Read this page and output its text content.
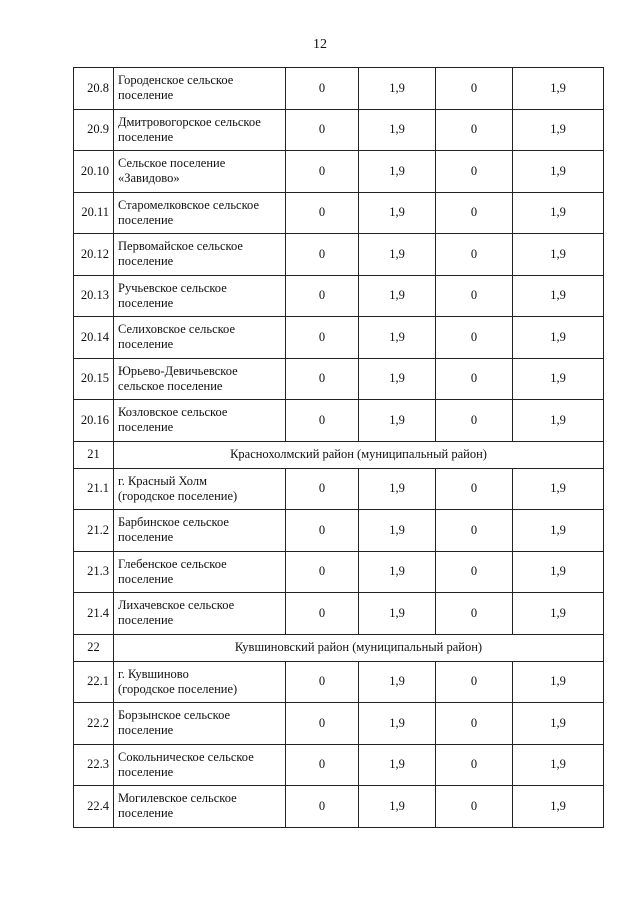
12
20.8	Городенское сельское
поселение	0	1,9	0	1,9
20.9	Дмитровогорское сельское
поселение	0	1,9	0	1,9
20.10	Сельское поселение
«Завидово»	0	1,9	0	1,9
20.11	Старомелковское сельское
поселение	0	1,9	0	1,9
20.12	Первомайское сельское
поселение	0	1,9	0	1,9
20.13	Ручьевское сельское
поселение	0	1,9	0	1,9
20.14	Селиховское сельское
поселение	0	1,9	0	1,9
20.15	Юрьево-Девичьевское
сельское поселение	0	1,9	0	1,9
20.16	Козловское сельское
поселение	0	1,9	0	1,9
21	Краснохолмский район (муниципальный район)				
21.1	г. Красный Холм
(городское поселение)	0	1,9	0	1,9
21.2	Барбинское сельское
поселение	0	1,9	0	1,9
21.3	Глебенское сельское
поселение	0	1,9	0	1,9
21.4	Лихачевское сельское
поселение	0	1,9	0	1,9
22	Кувшиновский район (муниципальный район)				
22.1	г. Кувшиново
(городское поселение)	0	1,9	0	1,9
22.2	Борзынское сельское
поселение	0	1,9	0	1,9
22.3	Сокольническое сельское
поселение	0	1,9	0	1,9
22.4	Могилевское сельское
поселение	0	1,9	0	1,9
